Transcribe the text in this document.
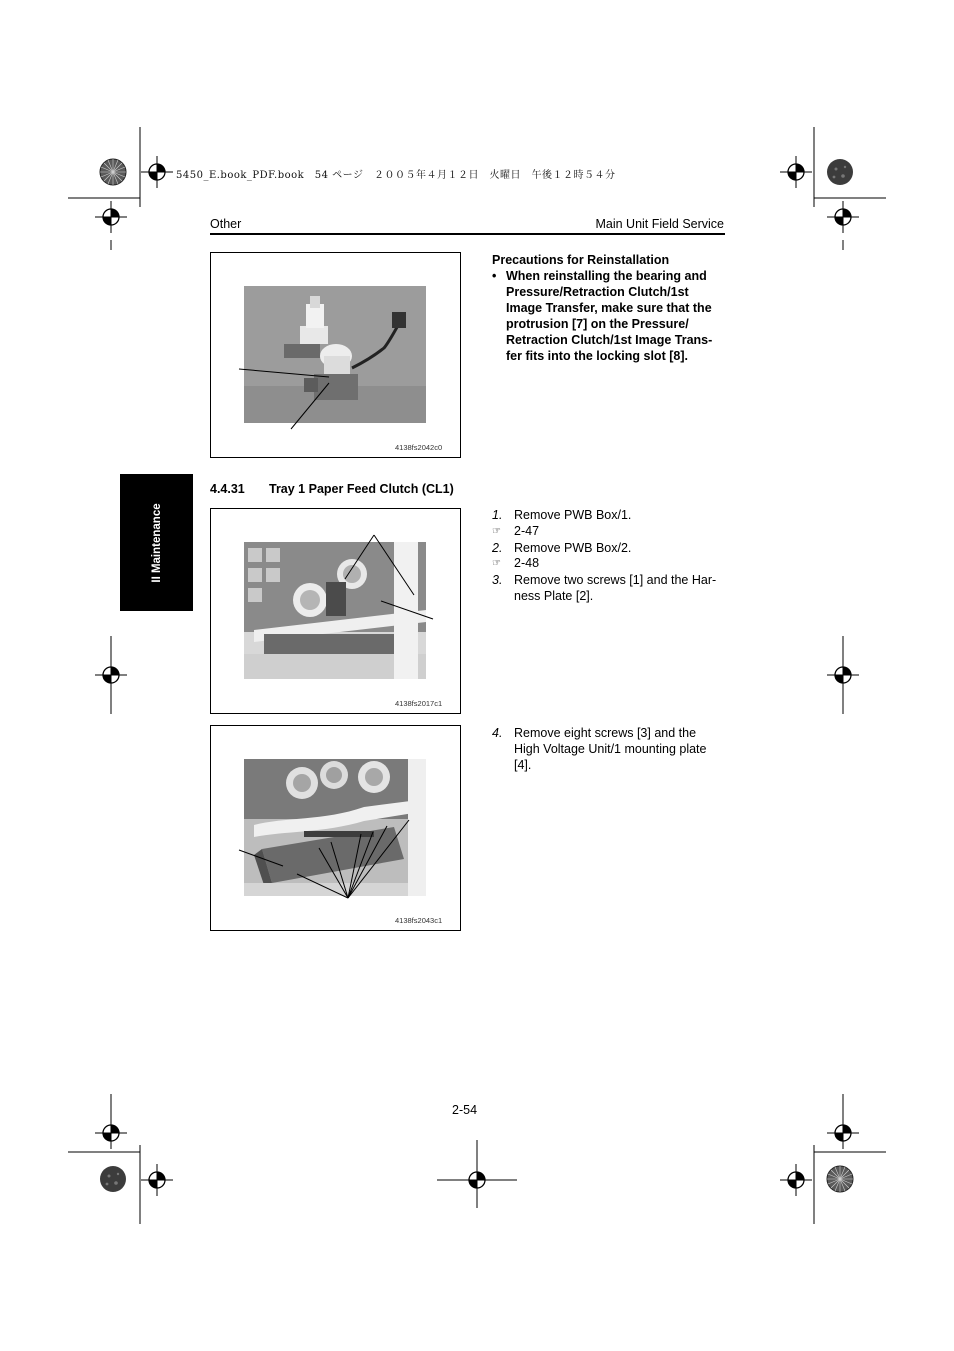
5450_E.book_PDF.book　54 ページ　２００５年４月１２日　火曜日　午後１２時５４分
Other	Main Unit Field Service
II Maintenance
4138fs2042c0
Precautions for Reinstallation
• When reinstalling the bearing and
Pressure/Retraction Clutch/1st
Image Transfer, make sure that the
protrusion [7] on the Pressure/
Retraction Clutch/1st Image Trans-
fer fits into the locking slot [8].
4.4.31 Tray 1 Paper Feed Clutch (CL1)
4138fs2017c1
1. Remove PWB Box/1.
☞ 2-47
2. Remove PWB Box/2.
☞ 2-48
3. Remove two screws [1] and the Har-
ness Plate [2].
4138fs2043c1
4. Remove eight screws [3] and the
High Voltage Unit/1 mounting plate
[4].
2-54
